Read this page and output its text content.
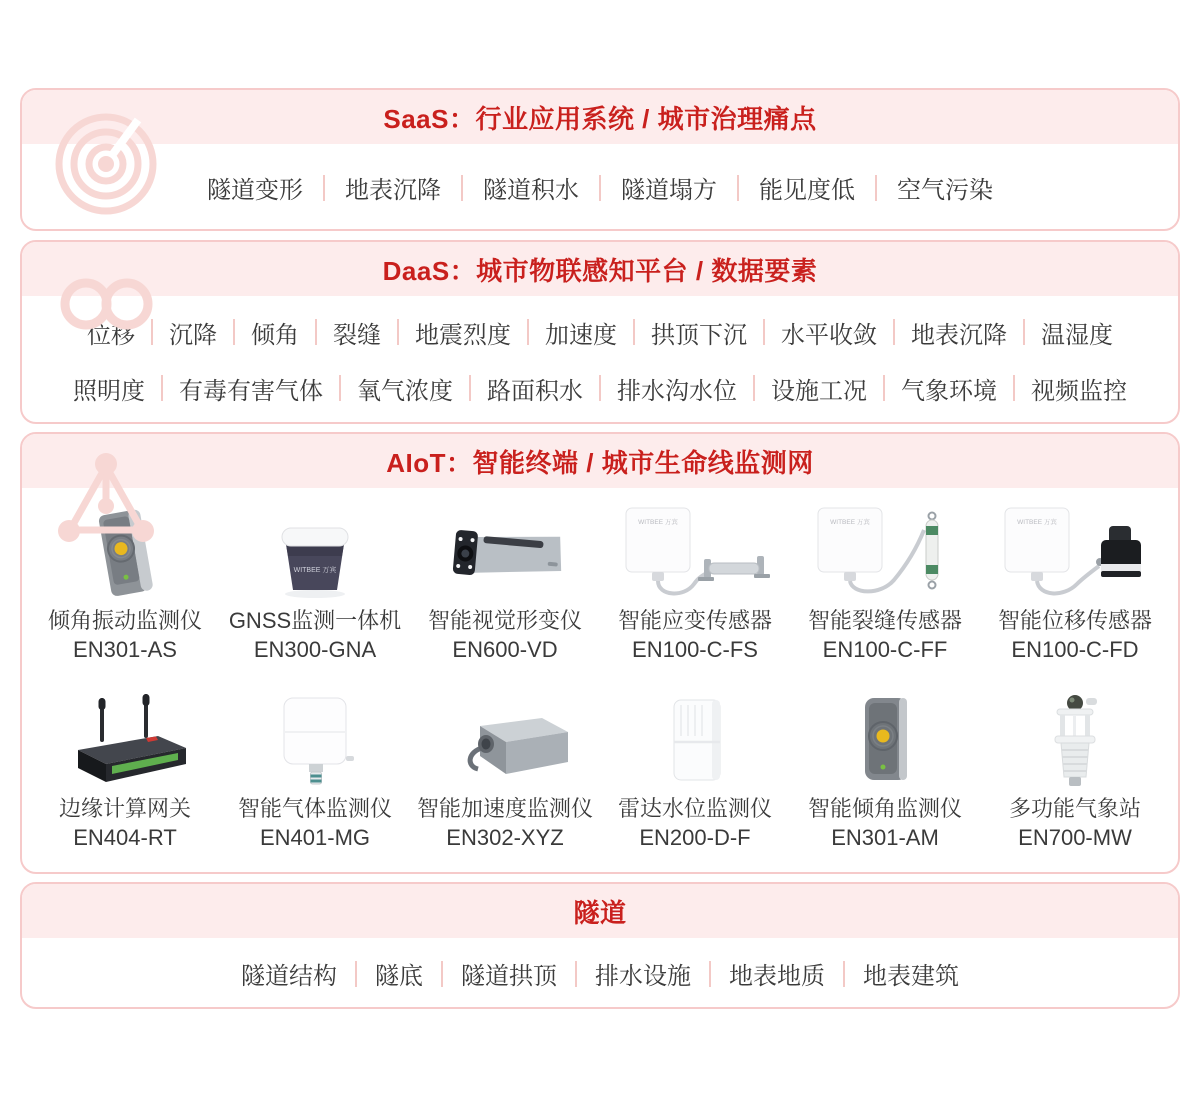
SaaS：行业应用系统 / 城市治理痛点
隧道变形	地表沉降	隧道积水	隧道塌方	能见度低	空气污染
DaaS：城市物联感知平台 / 数据要素
位移	沉降	倾角	裂缝	地震烈度	加速度	拱顶下沉	水平收敛	地表沉降	温湿度
照明度	有毒有害气体	氧气浓度	路面积水	排水沟水位	设施工况	气象环境	视频监控
AIoT：智能终端 / 城市生命线监测网
倾角振动监测仪
EN301-AS
WITBEE 万宾
GNSS监测一体机
EN300-GNA
智能视觉形变仪
EN600-VD
WITBEE 万宾
智能应变传感器
EN100-C-FS
WITBEE 万宾
智能裂缝传感器
EN100-C-FF
WITBEE 万宾
智能位移传感器
EN100-C-FD
边缘计算网关
EN404-RT
智能气体监测仪
EN401-MG
智能加速度监测仪
EN302-XYZ
雷达水位监测仪
EN200-D-F
智能倾角监测仪
EN301-AM
多功能气象站
EN700-MW
隧道
隧道结构	隧底	隧道拱顶	排水设施	地表地质	地表建筑
